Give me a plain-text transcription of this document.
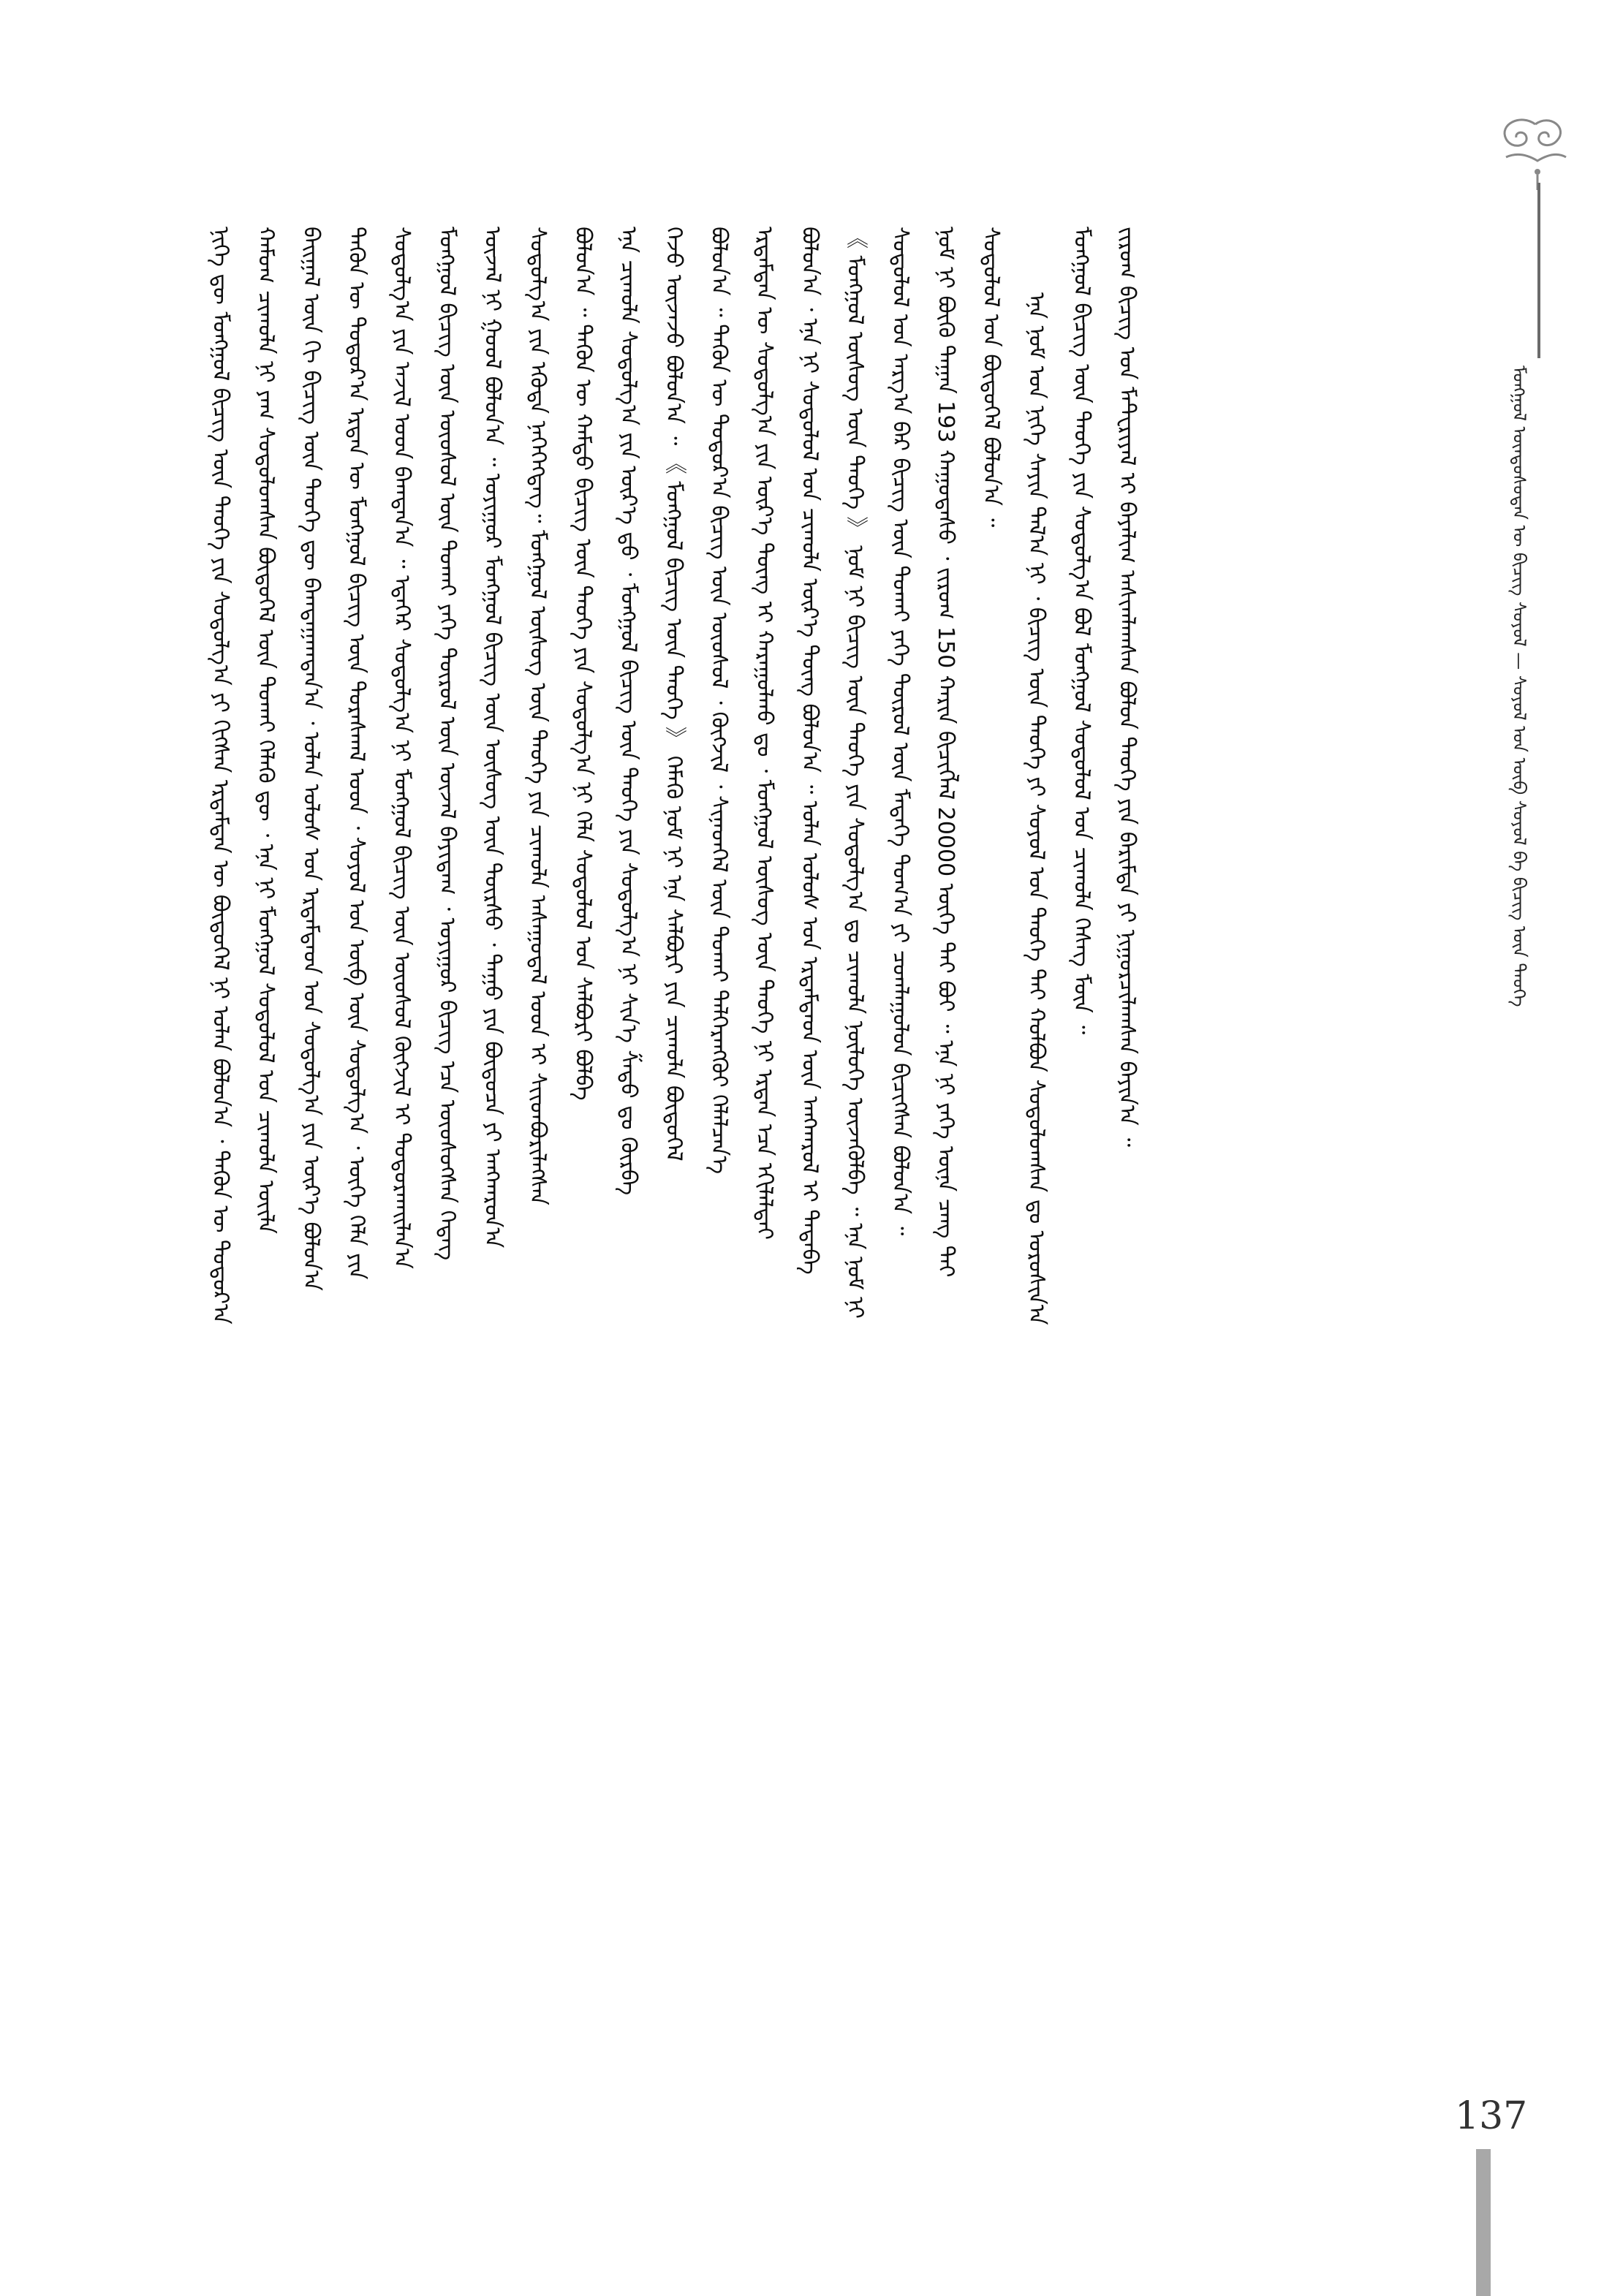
ᠮᠣᠩᠭᠣᠯ ᠦᠨᠳᠦᠰᠦᠲᠡᠨ ᠦ ᠪᠢᠴᠢᠭ ᠰᠣᠶᠣᠯ — ᠰᠣᠶᠣᠯ ᠤᠨ ᠦᠪ ᠰᠣᠶᠣᠯ ᠪᠠ ᠪᠢᠴᠢᠭ ᠦᠨ ᠲᠡᠦᠬᠡ
ᠨᠢᠭᠡ ᠳᠦ ᠮᠣᠩᠭᠣᠯ ᠪᠢᠴᠢᠭ ᠦᠨ ᠲᠡᠦᠬᠡ ᠶᠢᠨ ᠰᠤᠳᠤᠯᠭ᠎ᠠ ᠶᠢ ᠬᠢᠭᠰᠡᠨ ᠡᠷᠳᠡᠮᠲᠡᠨ ᠦ ᠪᠦᠲᠦᠭᠡᠯ ᠨᠢ ᠣᠯᠠᠨ ᠪᠣᠯᠤᠨ᠎ᠠ ᠂ ᠲᠡᠭᠦᠨ ᠦ ᠳᠣᠲᠣᠷ᠎ᠠ ᠬᠠᠮᠤᠭ ᠴᠢᠬᠤᠯᠠ ᠨᠢ ᠶᠠᠭ ᠰᠤᠳᠤᠯᠤᠭᠰᠠᠨ ᠪᠦᠲᠦᠭᠡᠯ ᠦᠨ ᠲᠤᠬᠠᠢ ᠬᠡᠯᠡᠬᠦ ᠳᠦ ᠂ ᠡᠨᠡ ᠨᠢ ᠮᠣᠩᠭᠣᠯ ᠰᠤᠳᠤᠯᠤᠯ ᠤᠨ ᠴᠢᠬᠤᠯᠠ ᠦᠢᠯᠡ ᠪᠠᠢᠭᠠᠯ ᠦᠨ ᠬᠢ ᠪᠢᠴᠢᠭ ᠦᠨ ᠲᠡᠦᠬᠡ ᠳᠦ ᠪᠠᠭᠲᠠᠭᠠᠭᠳᠠᠨ᠎ᠠ ᠂ ᠣᠯᠠᠨ ᠤᠯᠤᠰ ᠤᠨ ᠡᠷᠳᠡᠮᠲᠡᠳ ᠤᠨ ᠰᠤᠳᠤᠯᠭ᠎ᠠ ᠶᠢᠨ ᠦᠷ᠎ᠡ ᠪᠣᠯᠤᠨ᠎ᠠ ᠲᠡᠭᠦᠨ ᠦ ᠳᠣᠲᠣᠷ᠎ᠠ ᠡᠷᠲᠡᠨ ᠦ ᠮᠣᠩᠭᠣᠯ ᠪᠢᠴᠢᠭ ᠦᠨ ᠳᠤᠷᠠᠰᠬᠠᠯ ᠤᠳ ᠂ ᠰᠣᠶᠣᠯ ᠤᠨ ᠥᠪ ᠦᠨ ᠰᠤᠳᠤᠯᠭ᠎ᠠ ᠂ ᠦᠭᠡ ᠬᠡᠯᠡ ᠶᠢᠨ ᠰᠤᠳᠤᠯᠭ᠎ᠠ ᠶᠢᠨ ᠠᠵᠢᠯ ᠤᠳ ᠪᠠᠭᠲᠠᠨ᠎ᠠ ᠃ ᠡᠳᠡᠭᠡᠷ ᠰᠤᠳᠤᠯᠭ᠎ᠠ ᠨᠢ ᠮᠣᠩᠭᠣᠯ ᠪᠢᠴᠢᠭ ᠦᠨ ᠦᠦᠰᠦᠯ ᠬᠥᠭᠵᠢᠯ ᠢ ᠲᠣᠳᠣᠷᠬᠠᠢᠯᠠᠨ᠎ᠠ ᠮᠣᠩᠭᠣᠯ ᠪᠢᠴᠢᠭ ᠦᠨ ᠦᠦᠰᠦᠯ ᠦᠨ ᠲᠤᠬᠠᠢ ᠶᠡᠬᠡ ᠲᠥᠷᠥᠯ ᠦᠨ ᠦᠵᠡᠯ ᠪᠠᠶᠢᠳᠠᠭ ᠂ ᠤᠶᠢᠭᠤᠷ ᠪᠢᠴᠢᠭ ᠡᠴᠡ ᠦᠦᠰᠦᠭᠰᠡᠨ ᠭᠡᠳᠡᠭ ᠦᠵᠡᠯ ᠨᠢ ᠭᠣᠣᠯ ᠪᠣᠯᠤᠨ᠎ᠠ ᠃ ᠤᠶᠢᠭᠤᠷ ᠮᠣᠩᠭᠣᠯ ᠪᠢᠴᠢᠭ ᠦᠨ ᠦᠰᠦᠭ ᠦᠨ ᠳᠦᠷᠰᠦ ᠂ ᠳᠠᠭᠤ ᠶᠢᠨ ᠪᠦᠲᠦᠴᠡ ᠶᠢ ᠠᠩᠬᠠᠷᠤᠨ᠎ᠠ ᠰᠤᠳᠤᠯᠭ᠎ᠠ ᠶᠢᠨ ᠡᠭᠦᠳᠡ ᠨᠡᠭᠡᠭᠡᠭᠳᠡᠭ᠃ ᠮᠣᠩᠭᠣᠯ ᠦᠰᠦᠭ ᠦᠨ ᠲᠡᠦᠬᠡ ᠶᠢᠨ ᠴᠢᠬᠤᠯᠠ ᠠᠰᠠᠭᠤᠳᠠᠯ ᠤᠳ ᠢ ᠰᠢᠢᠳᠪᠦᠷᠢᠯᠡᠭᠰᠡᠨ ᠪᠣᠯᠤᠨ᠎ᠠ ᠃ ᠲᠡᠭᠦᠨ ᠦ ᠬᠠᠮᠲᠤ ᠪᠢᠴᠢᠭ ᠦᠨ ᠲᠡᠦᠬᠡ ᠶᠢᠨ ᠰᠤᠳᠤᠯᠭ᠎ᠠ ᠨᠢ ᠬᠡᠯᠡ ᠰᠤᠳᠤᠯᠤᠯ ᠤᠨ ᠰᠠᠯᠪᠤᠷᠢ ᠪᠣᠯᠪᠠ ᠡᠨᠡ ᠴᠢᠬᠤᠯᠠ ᠰᠤᠳᠤᠯᠭ᠎ᠠ ᠶᠢᠨ ᠦᠷ᠎ᠡ ᠳ᠋ᠦ ᠂ ᠮᠣᠩᠭᠣᠯ ᠪᠢᠴᠢᠭ ᠦᠨ ᠲᠡᠦᠬᠡ ᠶᠢᠨ ᠰᠤᠳᠤᠯᠭ᠎ᠠ ᠨᠢ ᠰᠢᠨ᠎ᠡ ᠱᠠᠲᠤ ᠳᠤ ᠬᠦᠷᠪᠡ ᠭᠡᠵᠦ ᠦᠵᠡᠵᠦ ᠪᠣᠯᠤᠨ᠎ᠠ ᠃ 《 ᠮᠣᠩᠭᠣᠯ ᠪᠢᠴᠢᠭ ᠦᠨ ᠲᠡᠦᠬᠡ 》 ᠬᠡᠮᠡᠬᠦ ᠨᠣᠮ ᠨᠢ ᠡᠨᠡ ᠰᠠᠯᠪᠤᠷᠢ ᠶᠢᠨ ᠴᠢᠬᠤᠯᠠ ᠪᠦᠲᠦᠭᠡᠯ ᠪᠣᠯᠤᠨ᠎ᠠ ᠃ ᠲᠡᠭᠦᠨ ᠦ ᠳᠣᠲᠣᠷ᠎ᠠ ᠪᠢᠴᠢᠭ ᠦᠨ ᠦᠦᠰᠦᠯ ᠂ ᠬᠥᠭᠵᠢᠯ ᠂ ᠰᠢᠨᠡᠳᠭᠡᠯ ᠦᠨ ᠲᠤᠬᠠᠢ ᠳᠡᠯᠭᠡᠷᠡᠩᠭᠦᠢ ᠬᠡᠯᠡᠯᠴᠡᠨ᠎ᠡ ᠡᠷᠳᠡᠮᠲᠡᠨ ᠦ ᠰᠤᠳᠤᠯᠭ᠎ᠠ ᠶᠢᠨ ᠦᠷ᠎ᠡ ᠳᠦᠩ ᠢ ᠬᠠᠷᠠᠭᠤᠯᠬᠤ ᠳᠤ ᠂ ᠮᠣᠩᠭᠣᠯ ᠦᠰᠦᠭ ᠦᠨ ᠲᠡᠦᠬᠡ ᠨᠢ ᠡᠷᠲᠡᠨ ᠡᠴᠡ ᠡᠬᠢᠯᠡᠯᠲᠡᠢ ᠪᠣᠯᠤᠨ᠎ᠠ ᠂ ᠡᠨᠡ ᠨᠢ ᠰᠤᠳᠤᠯᠤᠯ ᠤᠨ ᠴᠢᠬᠤᠯᠠ ᠦᠷ᠎ᠡ ᠳᠦᠩ ᠪᠣᠯᠤᠨ᠎ᠠ ᠃ ᠣᠯᠠᠨ ᠤᠯᠤᠰ ᠤᠨ ᠡᠷᠳᠡᠮᠲᠡᠳ ᠦᠨ ᠠᠩᠬᠠᠷᠤᠯ ᠢ ᠲᠠᠲᠠᠪᠠ 《 ᠮᠣᠩᠭᠣᠯ ᠦᠰᠦᠭ ᠦᠨ ᠲᠡᠦᠬᠡ 》 ᠨᠣᠮ ᠨᠢ ᠪᠢᠴᠢᠭ ᠦᠨ ᠲᠡᠦᠬᠡ ᠶᠢᠨ ᠰᠤᠳᠤᠯᠭ᠎ᠠ ᠳᠤ ᠴᠢᠬᠤᠯᠠ ᠨᠥᠯᠦᠭᠡ ᠦᠵᠡᠭᠦᠯᠪᠡ ᠃ ᠡᠨᠡ ᠨᠣᠮ ᠨᠢ ᠰᠤᠳᠤᠯᠤᠯ ᠤᠨ ᠠᠷᠭ᠎ᠠ ᠪᠠᠷ ᠪᠢᠴᠢᠭ ᠦᠨ ᠲᠤᠬᠠᠢ ᠶᠡᠬᠡ ᠲᠥᠷᠥᠯ ᠦᠨ ᠮᠡᠳᠡᠭᠡ ᠲᠤᠭ᠎ᠠ ᠶᠢ ᠴᠤᠭᠯᠠᠭᠤᠯᠤᠨ ᠪᠢᠴᠢᠭᠰᠡᠨ ᠪᠣᠯᠤᠨ᠎ᠠ ᠃ ᠨᠣᠮ ᠨᠢ ᠪᠦᠬᠦ ᠳᠠᠭᠠᠨ 193 ᠬᠠᠭᠤᠳᠠᠰᠤ ᠂ ᠵᠢᠷᠤᠭ 150 ᠬᠠᠷᠢᠨ ᠪᠢᠴᠢᠭᠯᠡᠯ 20000 ᠦᠭᠡ ᠲᠡᠢ ᠪᠤᠢ ᠃ ᠡᠨᠡ ᠨᠢ ᠶᠡᠬᠡ ᠦᠨᠡ ᠴᠡᠩ ᠲᠡᠢ ᠰᠤᠳᠤᠯᠤᠯ ᠤᠨ ᠪᠦᠲᠦᠭᠡᠯ ᠪᠣᠯᠤᠨ᠎ᠠ ᠃ ᠡᠨᠡ ᠨᠣᠮ ᠤᠨ ᠨᠢᠭᠡ ᠰᠠᠶᠢᠨ ᠲᠠᠯ᠎ᠠ ᠨᠢ ᠂ ᠪᠢᠴᠢᠭ ᠦᠨ ᠲᠡᠦᠬᠡ ᠶᠢ ᠰᠣᠶᠣᠯ ᠤᠨ ᠲᠡᠦᠬᠡ ᠲᠡᠢ ᠬᠣᠯᠪᠣᠨ ᠰᠤᠳᠤᠯᠤᠭᠰᠠᠨ ᠳᠤ ᠣᠷᠣᠰᠢᠨ᠎ᠠ ᠮᠣᠩᠭᠣᠯ ᠪᠢᠴᠢᠭ ᠦᠨ ᠲᠡᠦᠬᠡ ᠶᠢᠨ ᠰᠤᠳᠤᠯᠭ᠎ᠠ ᠪᠣᠯ ᠮᠣᠩᠭᠣᠯ ᠰᠤᠳᠤᠯᠤᠯ ᠤᠨ ᠴᠢᠬᠤᠯᠠ ᠬᠡᠰᠡᠭ ᠮᠥᠨ ᠃ ᠵᠢᠷᠤᠭ ᠪᠢᠴᠢᠭ ᠤᠨ ᠮᠠᠲ᠋ᠧᠷᠢᠶᠠᠯ ᠢ ᠪᠠᠶᠠᠯᠢᠭ ᠠᠰᠢᠭᠯᠠᠭᠰᠠᠨ ᠪᠣᠯᠣᠨ ᠲᠡᠦᠬᠡ ᠶᠢᠨ ᠪᠠᠷᠢᠮᠲᠠ ᠶᠢ ᠨᠢᠭᠤᠷᠴᠢᠯᠠᠭᠰᠠᠨ ᠪᠠᠶᠢᠨ᠎ᠠ ᠃
137
